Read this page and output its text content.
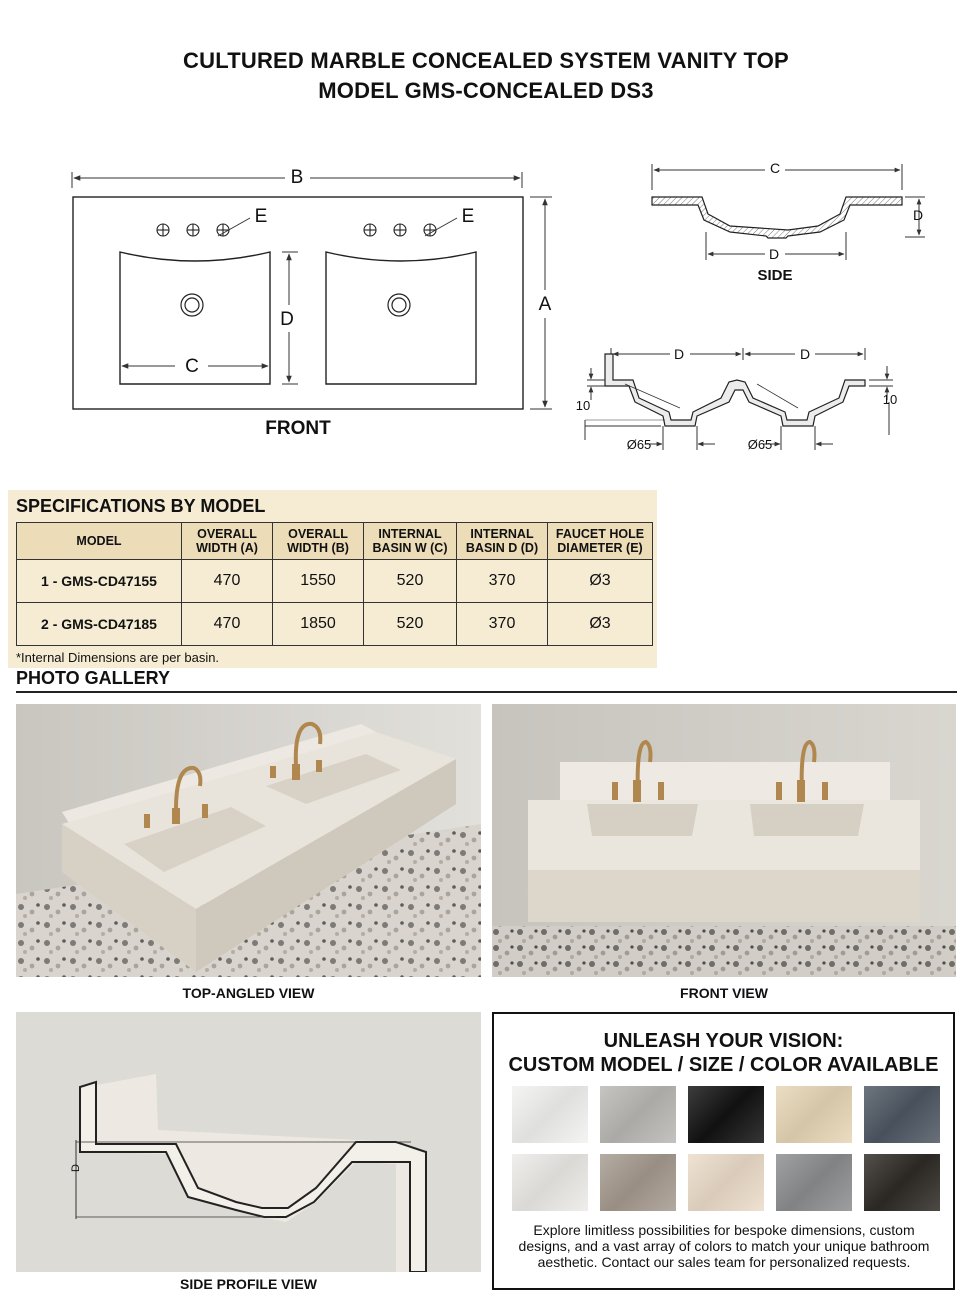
CULTURED MARBLE CONCEALED SYSTEM VANITY TOP
MODEL GMS-CONCEALED DS3
B
A
D
C
E	E
FRONT
C
D
D
SIDE
D	D
10	10
Ø65	Ø65
SPECIFICATIONS BY MODEL
MODEL	OVERALL WIDTH (A)	OVERALL WIDTH (B)	INTERNAL BASIN W (C)	INTERNAL BASIN D (D)	FAUCET HOLE DIAMETER (E)
1 - GMS-CD47155	470	1550	520	370	Ø3
2 - GMS-CD47185	470	1850	520	370	Ø3
*Internal Dimensions are per basin.
PHOTO GALLERY
TOP-ANGLED VIEW	FRONT VIEW
D
SIDE PROFILE VIEW
UNLEASH YOUR VISION:
CUSTOM MODEL / SIZE / COLOR AVAILABLE
Explore limitless possibilities for bespoke dimensions, custom designs, and a vast array of colors to match your unique bathroom aesthetic. Contact our sales team for personalized requests.
